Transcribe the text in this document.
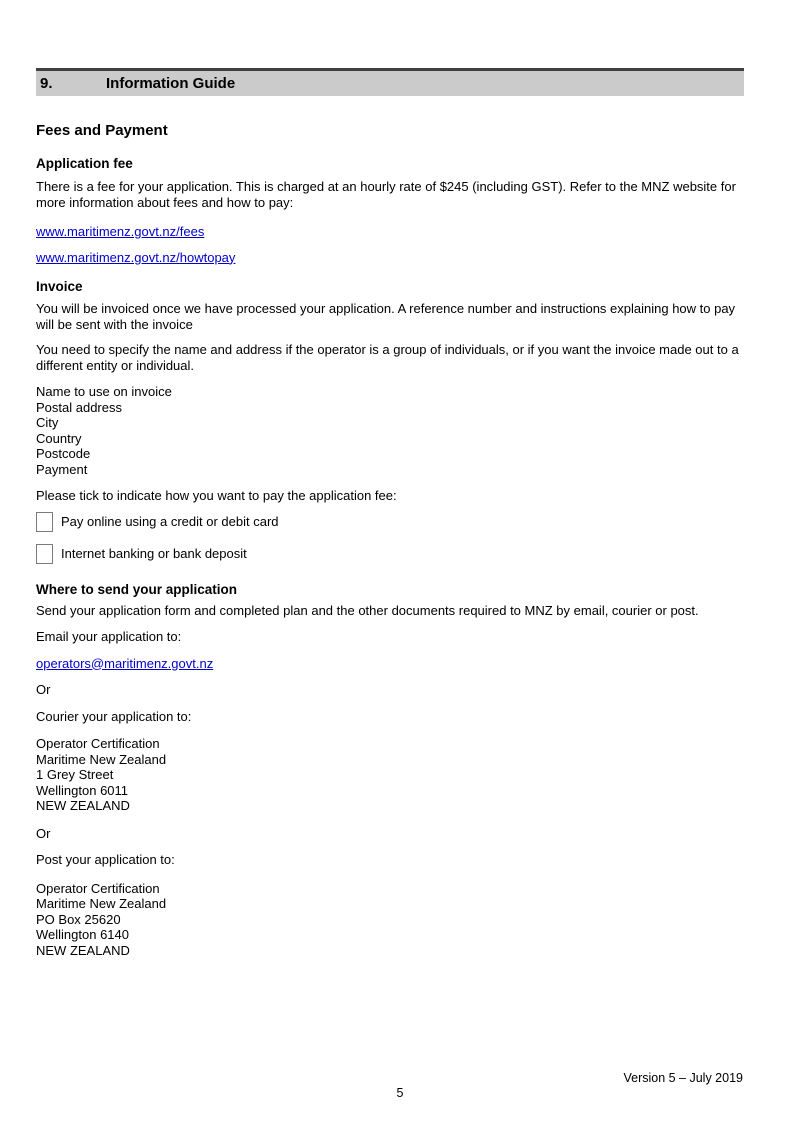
9.	Information Guide
Fees and Payment
Application fee
There is a fee for your application. This is charged at an hourly rate of $245 (including GST). Refer to the MNZ website for more information about fees and how to pay:
www.maritimenz.govt.nz/fees
www.maritimenz.govt.nz/howtopay
Invoice
You will be invoiced once we have processed your application. A reference number and instructions explaining how to pay will be sent with the invoice
You need to specify the name and address if the operator is a group of individuals, or if you want the invoice made out to a different entity or individual.
Name to use on invoice
Postal address
City
Country
Postcode
Payment
Please tick to indicate how you want to pay the application fee:
Pay online using a credit or debit card
Internet banking or bank deposit
Where to send your application
Send your application form and completed plan and the other documents required to MNZ by email, courier or post.
Email your application to:
operators@maritimenz.govt.nz
Or
Courier your application to:
Operator Certification
Maritime New Zealand
1 Grey Street
Wellington 6011
NEW ZEALAND
Or
Post your application to:
Operator Certification
Maritime New Zealand
PO Box 25620
Wellington 6140
NEW ZEALAND
Version 5 – July 2019
5
